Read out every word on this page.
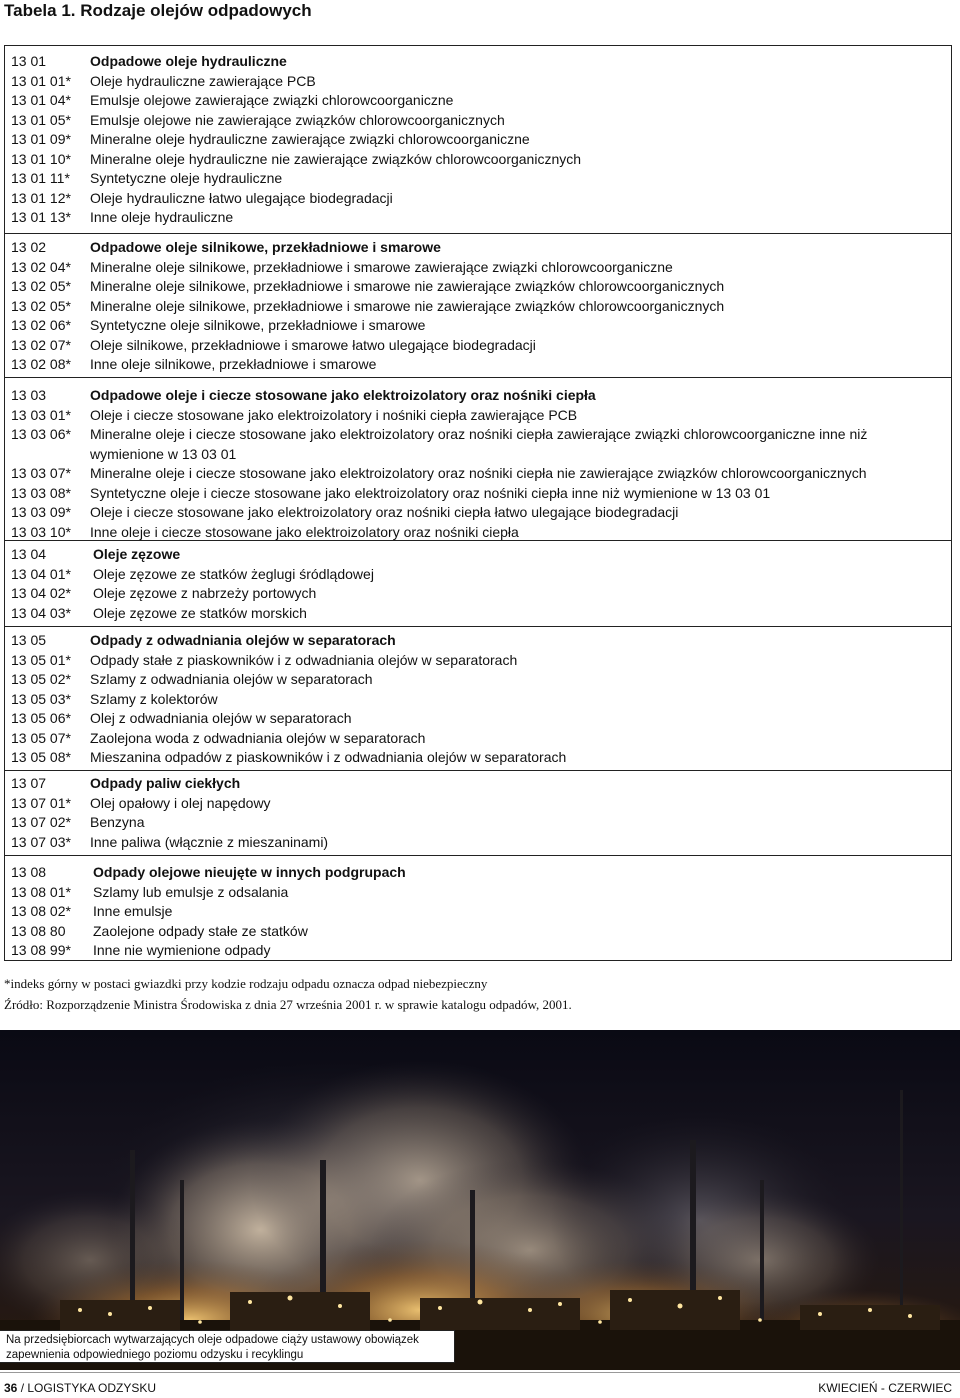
Tabela 1. Rodzaje olejów odpadowych
13 01	Odpadowe oleje hydrauliczne
13 01 01*	Oleje hydrauliczne zawierające PCB
13 01 04*	Emulsje olejowe zawierające związki chlorowcoorganiczne
13 01 05*	Emulsje olejowe nie zawierające związków chlorowcoorganicznych
13 01 09*	Mineralne oleje hydrauliczne zawierające związki chlorowcoorganiczne
13 01 10*	Mineralne oleje hydrauliczne nie zawierające związków chlorowcoorganicznych
13 01 11*	Syntetyczne oleje hydrauliczne
13 01 12*	Oleje hydrauliczne łatwo ulegające biodegradacji
13 01 13*	Inne oleje hydrauliczne
13 02	Odpadowe oleje silnikowe, przekładniowe i smarowe
13 02 04*	Mineralne oleje silnikowe, przekładniowe i smarowe zawierające związki chlorowcoorganiczne
13 02 05*	Mineralne oleje silnikowe, przekładniowe i smarowe nie zawierające związków chlorowcoorganicznych
13 02 05*	Mineralne oleje silnikowe, przekładniowe i smarowe nie zawierające związków chlorowcoorganicznych
13 02 06*	Syntetyczne oleje silnikowe, przekładniowe i smarowe
13 02 07*	Oleje silnikowe, przekładniowe i smarowe łatwo ulegające biodegradacji
13 02 08*	Inne oleje silnikowe, przekładniowe i smarowe
13 03	Odpadowe oleje i ciecze stosowane jako elektroizolatory oraz nośniki ciepła
13 03 01*	Oleje i ciecze stosowane jako elektroizolatory i nośniki ciepła zawierające PCB
13 03 06*	Mineralne oleje i ciecze stosowane jako elektroizolatory oraz nośniki ciepła zawierające związki chlorowcoorganiczne inne niż wymienione w 13 03 01
13 03 07*	Mineralne oleje i ciecze stosowane jako elektroizolatory oraz nośniki ciepła nie zawierające związków chlorowcoorganicznych
13 03 08*	Syntetyczne oleje i ciecze stosowane jako elektroizolatory oraz nośniki ciepła inne niż wymienione w 13 03 01
13 03 09*	Oleje i ciecze stosowane jako elektroizolatory oraz nośniki ciepła łatwo ulegające biodegradacji
13 03 10*	Inne oleje i ciecze stosowane jako elektroizolatory oraz nośniki ciepła
13 04	Oleje zęzowe
13 04 01*	Oleje zęzowe ze statków żeglugi śródlądowej
13 04 02*	Oleje zęzowe z nabrzeży portowych
13 04 03*	Oleje zęzowe ze statków morskich
13 05	Odpady z odwadniania olejów w separatorach
13 05 01*	Odpady stałe z piaskowników i z odwadniania olejów w separatorach
13 05 02*	Szlamy z odwadniania olejów w separatorach
13 05 03*	Szlamy z kolektorów
13 05 06*	Olej z odwadniania olejów w separatorach
13 05 07*	Zaolejona woda z odwadniania olejów w separatorach
13 05 08*	Mieszanina odpadów z piaskowników i z odwadniania olejów w separatorach
13 07	Odpady paliw ciekłych
13 07 01*	Olej opałowy i olej napędowy
13 07 02*	Benzyna
13 07 03*	Inne paliwa (włącznie z mieszaninami)
13 08	Odpady olejowe nieujęte w innych podgrupach
13 08 01*	Szlamy lub emulsje z odsalania
13 08 02*	Inne emulsje
13 08 80	Zaolejone odpady stałe ze statków
13 08 99*	Inne nie wymienione odpady
*indeks górny w postaci gwiazdki przy kodzie rodzaju odpadu oznacza odpad niebezpieczny
Źródło: Rozporządzenie Ministra Środowiska z dnia 27 września 2001 r. w sprawie katalogu odpadów, 2001.
Na przedsiębiorcach wytwarzających oleje odpadowe ciąży ustawowy obowiązek zapewnienia odpowiedniego poziomu odzysku i recyklingu
36 / LOGISTYKA ODZYSKU	KWIECIEŃ - CZERWIEC
